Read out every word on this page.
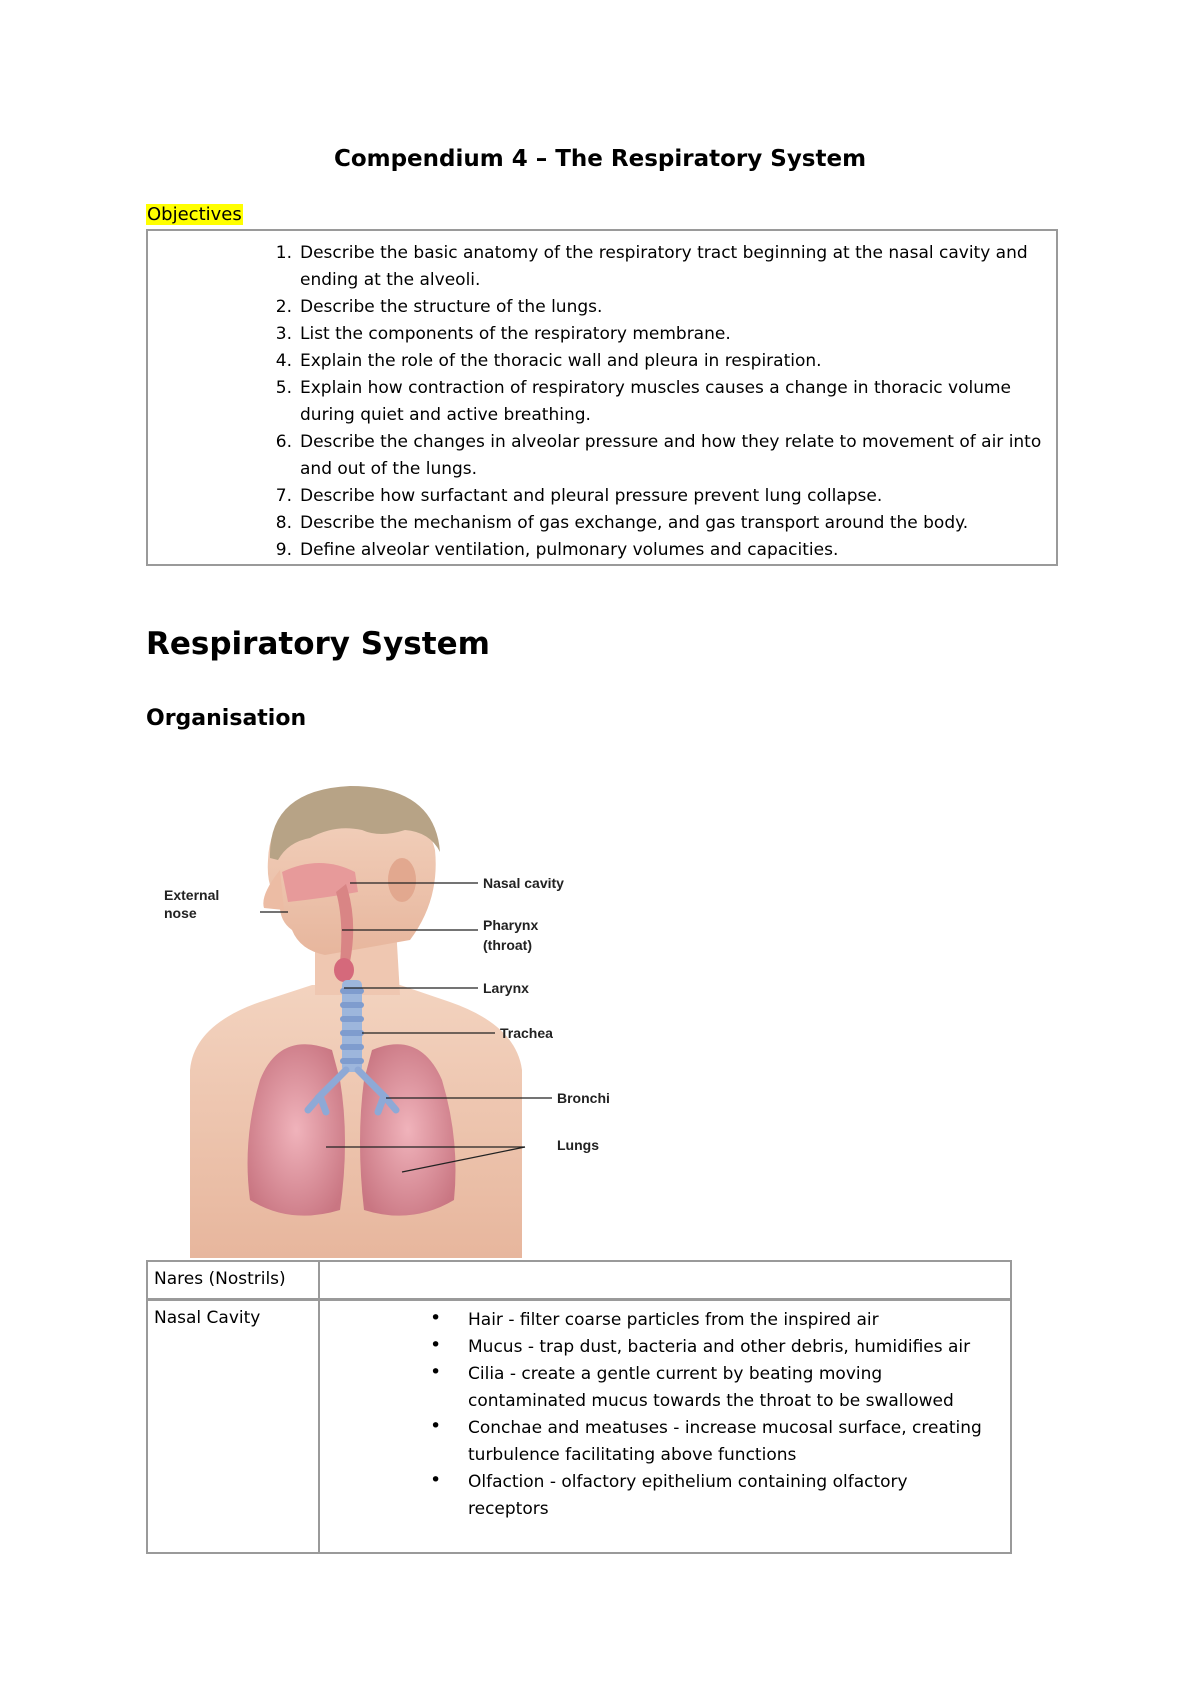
Compendium 4 – The Respiratory System
Objectives
1. Describe the basic anatomy of the respiratory tract beginning at the nasal cavity and ending at the alveoli.
2. Describe the structure of the lungs.
3. List the components of the respiratory membrane.
4. Explain the role of the thoracic wall and pleura in respiration.
5. Explain how contraction of respiratory muscles causes a change in thoracic volume during quiet and active breathing.
6. Describe the changes in alveolar pressure and how they relate to movement of air into and out of the lungs.
7. Describe how surfactant and pleural pressure prevent lung collapse.
8. Describe the mechanism of gas exchange, and gas transport around the body.
9. Define alveolar ventilation, pulmonary volumes and capacities.
Respiratory System
Organisation
External
nose
Nasal cavity
Pharynx
(throat)
Larynx
Trachea
Bronchi
Lungs
Nares (Nostrils)
Nasal Cavity
•	Hair - filter coarse particles from the inspired air
• Mucus - trap dust, bacteria and other debris, humidifies air
• Cilia - create a gentle current by beating moving contaminated mucus towards the throat to be swallowed
• Conchae and meatuses - increase mucosal surface, creating turbulence facilitating above functions
• Olfaction - olfactory epithelium containing olfactory receptors
